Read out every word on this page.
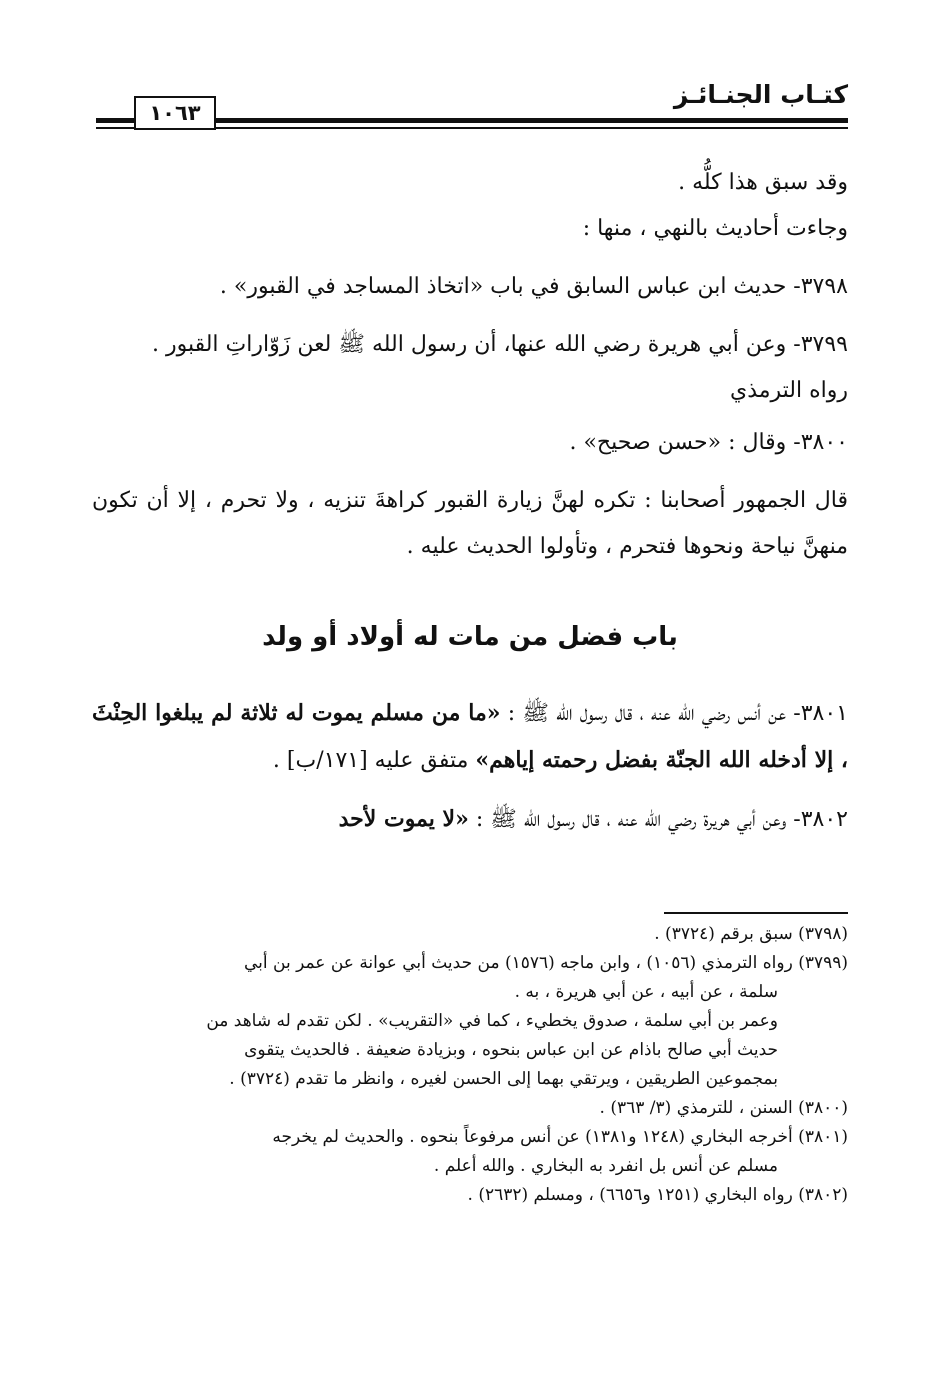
كتـاب الجنـائـز
١٠٦٣

وقد سبق هذا كلُّه .

وجاءت أحاديث بالنهي ، منها :

٣٧٩٨- حديث ابن عباس السابق في باب «اتخاذ المساجد في القبور» .

٣٧٩٩- وعن أبي هريرة رضي الله عنها، أن رسول الله ﷺ لعن زَوّاراتِ القبور .

رواه الترمذي

٣٨٠٠- وقال : «حسن صحيح» .

قال الجمهور أصحابنا : تكره لهنَّ زيارة القبور كراهةَ تنزيه ، ولا تحرم ، إلا أن تكون منهنَّ نياحة ونحوها فتحرم ، وتأولوا الحديث عليه .

باب فضل من مات له أولاد أو ولد

٣٨٠١- عن أنس رضي الله عنه ، قال رسول الله ﷺ : «ما من مسلم يموت له ثلاثة لم يبلغوا الحِنْثَ ، إلا أدخله الله الجنّة بفضل رحمته إياهم» متفق عليه [١٧١/ب] .

٣٨٠٢- وعن أبي هريرة رضي الله عنه ، قال رسول الله ﷺ : «لا يموت لأحد

(٣٧٩٨) سبق برقم (٣٧٢٤) .

(٣٧٩٩) رواه الترمذي (١٠٥٦) ، وابن ماجه (١٥٧٦) من حديث أبي عوانة عن عمر بن أبي

سلمة ، عن أبيه ، عن أبي هريرة ، به .

وعمر بن أبي سلمة ، صدوق يخطيء ، كما في «التقريب» . لكن تقدم له شاهد من

حديث أبي صالح باذام عن ابن عباس بنحوه ، وبزيادة ضعيفة . فالحديث يتقوى

بمجموعين الطريقين ، ويرتقي بهما إلى الحسن لغيره ، وانظر ما تقدم (٣٧٢٤) .

(٣٨٠٠) السنن ، للترمذي (٣/ ٣٦٣) .

(٣٨٠١) أخرجه البخاري (١٢٤٨ و١٣٨١) عن أنس مرفوعاً بنحوه . والحديث لم يخرجه

مسلم عن أنس بل انفرد به البخاري . والله أعلم .

(٣٨٠٢) رواه البخاري (١٢٥١ و٦٦٥٦) ، ومسلم (٢٦٣٢) .
